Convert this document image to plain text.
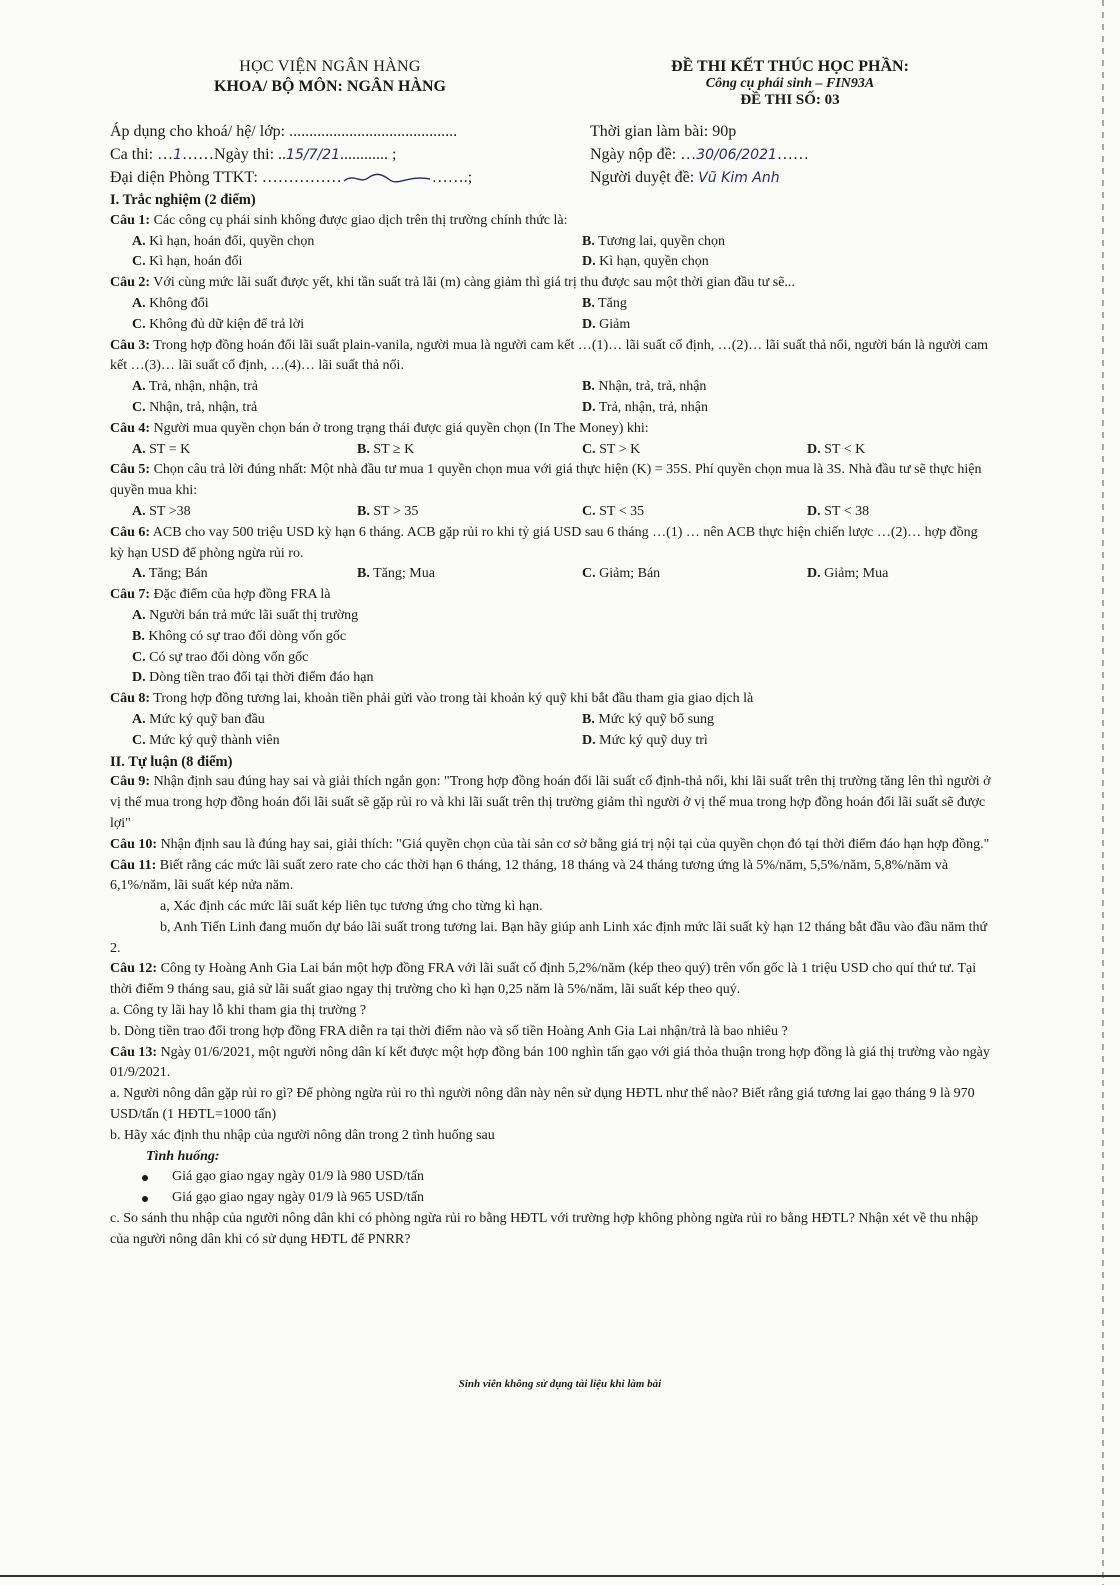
HỌC VIỆN NGÂN HÀNG
KHOA/ BỘ MÔN: NGÂN HÀNG
ĐỀ THI KẾT THÚC HỌC PHẦN:
Công cụ phái sinh – FIN93A
ĐỀ THI SỐ: 03
Áp dụng cho khoá/ hệ/ lớp: ..........................................	Thời gian làm bài: 90p
Ca thi: …1……Ngày thi: ..15/7/21............ ;	Ngày nộp đề: …30/06/2021……
Đại diện Phòng TTKT: ……………	…….;	Người duyệt đề: Vũ Kim Anh
I. Trắc nghiệm (2 điểm)
Câu 1: Các công cụ phái sinh không được giao dịch trên thị trường chính thức là:
A. Kì hạn, hoán đổi, quyền chọn	B. Tương lai, quyền chọn
C. Kì hạn, hoán đổi	D. Kì hạn, quyền chọn
Câu 2: Với cùng mức lãi suất được yết, khi tần suất trả lãi (m) càng giảm thì giá trị thu được sau một thời gian đầu tư sẽ...
A. Không đổi	B. Tăng
C. Không đủ dữ kiện để trả lời	D. Giảm
Câu 3: Trong hợp đồng hoán đổi lãi suất plain-vanila, người mua là người cam kết …(1)… lãi suất cố định, …(2)… lãi suất thả nổi, người bán là người cam kết …(3)… lãi suất cố định, …(4)… lãi suất thả nổi.
A. Trả, nhận, nhận, trả	B. Nhận, trả, trả, nhận
C. Nhận, trả, nhận, trả	D. Trả, nhận, trả, nhận
Câu 4: Người mua quyền chọn bán ở trong trạng thái được giá quyền chọn (In The Money) khi:
A. ST = K	B. ST ≥ K	C. ST > K	D. ST < K
Câu 5: Chọn câu trả lời đúng nhất: Một nhà đầu tư mua 1 quyền chọn mua với giá thực hiện (K) = 35S. Phí quyền chọn mua là 3S. Nhà đầu tư sẽ thực hiện quyền mua khi:
A. ST >38	B. ST > 35	C. ST < 35	D. ST < 38
Câu 6: ACB cho vay 500 triệu USD kỳ hạn 6 tháng. ACB gặp rủi ro khi tỷ giá USD sau 6 tháng …(1) … nên ACB thực hiện chiến lược …(2)… hợp đồng kỳ hạn USD để phòng ngừa rủi ro.
A. Tăng; Bán	B. Tăng; Mua	C. Giảm; Bán	D. Giảm; Mua
Câu 7: Đặc điểm của hợp đồng FRA là
A. Người bán trả mức lãi suất thị trường
B. Không có sự trao đổi dòng vốn gốc
C. Có sự trao đổi dòng vốn gốc
D. Dòng tiền trao đổi tại thời điểm đáo hạn
Câu 8: Trong hợp đồng tương lai, khoản tiền phải gửi vào trong tài khoản ký quỹ khi bắt đầu tham gia giao dịch là
A. Mức ký quỹ ban đầu	B. Mức ký quỹ bổ sung
C. Mức ký quỹ thành viên	D. Mức ký quỹ duy trì
II. Tự luận (8 điểm)
Câu 9: Nhận định sau đúng hay sai và giải thích ngắn gọn: "Trong hợp đồng hoán đổi lãi suất cố định-thả nổi, khi lãi suất trên thị trường tăng lên thì người ở vị thế mua trong hợp đồng hoán đổi lãi suất sẽ gặp rủi ro và khi lãi suất trên thị trường giảm thì người ở vị thế mua trong hợp đồng hoán đổi lãi suất sẽ được lợi"
Câu 10: Nhận định sau là đúng hay sai, giải thích: "Giá quyền chọn của tài sản cơ sở bằng giá trị nội tại của quyền chọn đó tại thời điểm đáo hạn hợp đồng."
Câu 11: Biết rằng các mức lãi suất zero rate cho các thời hạn 6 tháng, 12 tháng, 18 tháng và 24 tháng tương ứng là 5%/năm, 5,5%/năm, 5,8%/năm và 6,1%/năm, lãi suất kép nửa năm.
a, Xác định các mức lãi suất kép liên tục tương ứng cho từng kì hạn.
b, Anh Tiến Linh đang muốn dự báo lãi suất trong tương lai. Bạn hãy giúp anh Linh xác định mức lãi suất kỳ hạn 12 tháng bắt đầu vào đầu năm thứ 2.
Câu 12: Công ty Hoàng Anh Gia Lai bán một hợp đồng FRA với lãi suất cố định 5,2%/năm (kép theo quý) trên vốn gốc là 1 triệu USD cho quí thứ tư. Tại thời điểm 9 tháng sau, giả sử lãi suất giao ngay thị trường cho kì hạn 0,25 năm là 5%/năm, lãi suất kép theo quý.
a. Công ty lãi hay lỗ khi tham gia thị trường ?
b. Dòng tiền trao đổi trong hợp đồng FRA diễn ra tại thời điểm nào và số tiền Hoàng Anh Gia Lai nhận/trả là bao nhiêu ?
Câu 13: Ngày 01/6/2021, một người nông dân kí kết được một hợp đồng bán 100 nghìn tấn gạo với giá thỏa thuận trong hợp đồng là giá thị trường vào ngày 01/9/2021.
a. Người nông dân gặp rủi ro gì? Để phòng ngừa rủi ro thì người nông dân này nên sử dụng HĐTL như thế nào? Biết rằng giá tương lai gạo tháng 9 là 970 USD/tấn (1 HĐTL=1000 tấn)
b. Hãy xác định thu nhập của người nông dân trong 2 tình huống sau
Tình huống:
Giá gạo giao ngay ngày 01/9 là 980 USD/tấn
Giá gạo giao ngay ngày 01/9 là 965 USD/tấn
c. So sánh thu nhập của người nông dân khi có phòng ngừa rủi ro bằng HĐTL với trường hợp không phòng ngừa rủi ro bằng HĐTL? Nhận xét về thu nhập của người nông dân khi có sử dụng HĐTL để PNRR?
Sinh viên không sử dụng tài liệu khi làm bài
